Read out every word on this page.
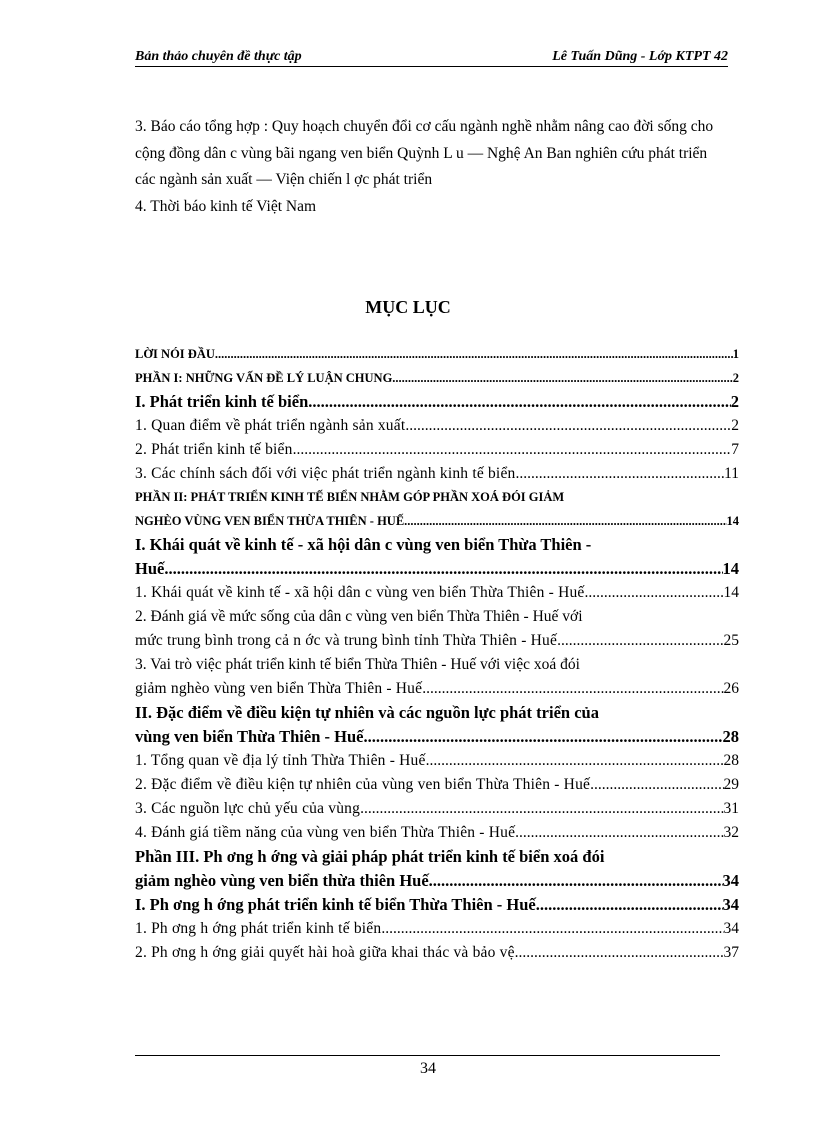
Bản thảo chuyên đề thực tập	Lê Tuấn Dũng - Lớp KTPT 42

3. Báo cáo tổng hợp : Quy hoạch chuyển đổi cơ cấu ngành nghề nhằm nâng cao đời sống cho cộng đồng dân c vùng bãi ngang ven biển Quỳnh L u — Nghệ An Ban nghiên cứu phát triển các ngành sản xuất — Viện chiến l ợc phát triển

4. Thời báo kinh tế Việt Nam

MỤC LỤC
LỜI NÓI ĐẦU .....	1
PHẦN I: NHỮNG VẤN ĐỀ LÝ LUẬN CHUNG .....	2
I. Phát triển kinh tế biển .....	2
1. Quan điểm về phát triển ngành sản xuất .....	2
2. Phát triển kinh tế biển .....	7
3. Các chính sách đối với việc phát triển ngành kinh tế biển .....	11
PHẦN II: PHÁT TRIỂN KINH TẾ BIỂN NHẰM GÓP PHẦN XOÁ ĐÓI GIẢM
NGHÈO VÙNG VEN BIỂN THỪA THIÊN - HUẾ .....	14
I. Khái quát về kinh tế - xã hội dân c vùng ven biển Thừa Thiên -
Huế .....	14
1. Khái quát về kinh tế - xã hội dân c vùng ven biển Thừa Thiên - Huế .....	14
2. Đánh giá về mức sống của dân c vùng ven biển Thừa Thiên - Huế với
mức trung bình trong cả n ớc và trung bình tỉnh Thừa Thiên - Huế .....	25
3. Vai trò việc phát triển kinh tế biển Thừa Thiên - Huế với việc xoá đói
giảm nghèo vùng ven biển Thừa Thiên - Huế .....	26
II. Đặc điểm về điều kiện tự nhiên và các nguồn lực phát triển của
vùng ven biển Thừa Thiên - Huế .....	28
1. Tổng quan về địa lý tỉnh Thừa Thiên - Huế .....	28
2. Đặc điểm về điều kiện tự nhiên của vùng ven biển Thừa Thiên - Huế .....	29
3. Các nguồn lực chủ yếu của vùng .....	31
4. Đánh giá tiềm năng của vùng ven biển Thừa Thiên - Huế .....	32
Phần III. Ph ơng h ớng và giải pháp phát triển kinh tế biển xoá đói
giảm nghèo vùng ven biển thừa thiên Huế .....	34
I. Ph ơng h ớng phát triển kinh tế biển Thừa Thiên - Huế .....	34
1. Ph ơng h ớng phát triển kinh tế biển .....	34
2. Ph ơng h ớng giải quyết hài hoà giữa khai thác và bảo vệ .....	37
34
